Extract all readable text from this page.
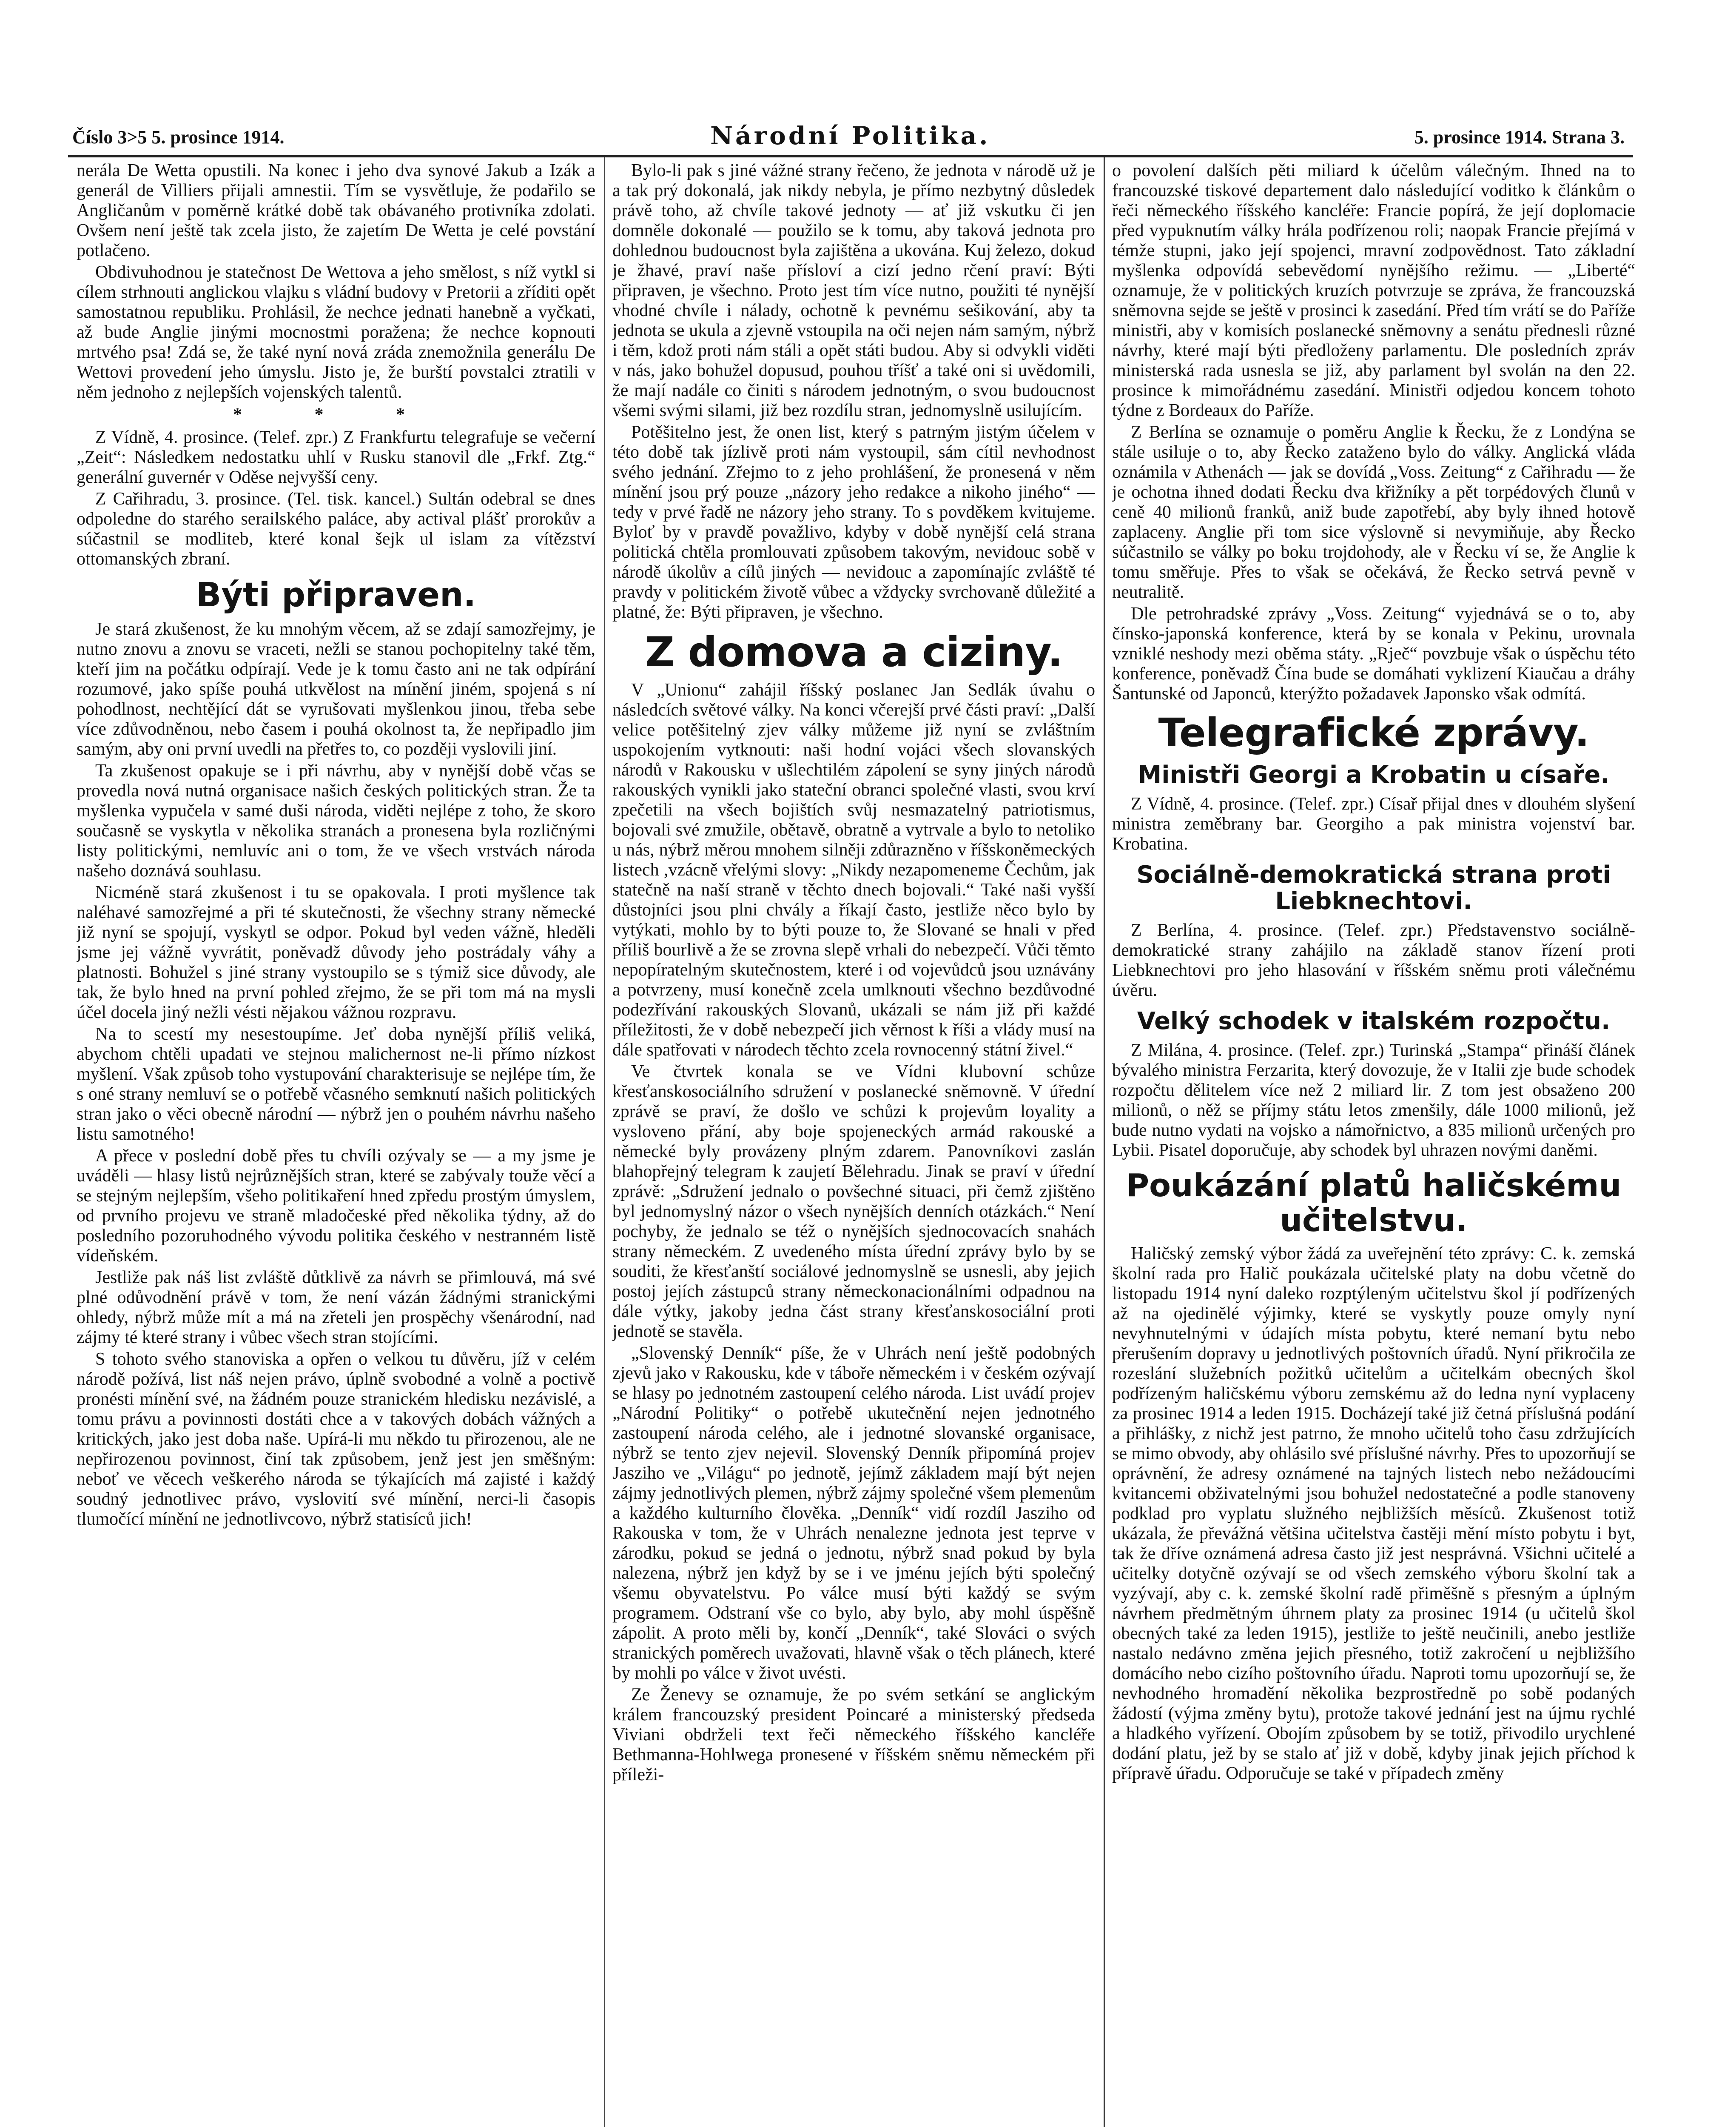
Číslo 3>5 5. prosince 1914.	Národní Politika.	5. prosince 1914. Strana 3.

nerála De Wetta opustili. Na konec i jeho dva synové Jakub a Izák a generál de Villiers přijali amnestii. Tím se vysvětluje, že podařilo se Angličanům v poměrně krátké době tak obávaného protivníka zdolati. Ovšem není ještě tak zcela jisto, že zajetím De Wetta je celé povstání potlačeno.

Obdivuhodnou je statečnost De Wettova a jeho smělost, s níž vytkl si cílem strhnouti anglickou vlajku s vládní budovy v Pretorii a zříditi opět samostatnou republiku. Prohlásil, že nechce jednati hanebně a vyčkati, až bude Anglie jinými mocnostmi poražena; že nechce kopnouti mrtvého psa! Zdá se, že také nyní nová zráda znemožnila generálu De Wettovi provedení jeho úmyslu. Jisto je, že burští povstalci ztratili v něm jednoho z nejlepších vojenských talentů.

* * *

Z Vídně, 4. prosince. (Telef. zpr.) Z Frankfurtu telegrafuje se večerní „Zeit“: Následkem nedostatku uhlí v Rusku stanovil dle „Frkf. Ztg.“ generální guvernér v Oděse nejvyšší ceny.

Z Cařihradu, 3. prosince. (Tel. tisk. kancel.) Sultán odebral se dnes odpoledne do starého serailského paláce, aby actival plášť prorokův a súčastnil se modliteb, které konal šejk ul islam za vítězství ottomanských zbraní.

Býti připraven.

Je stará zkušenost, že ku mnohým věcem, až se zdají samozřejmy, je nutno znovu a znovu se vraceti, nežli se stanou pochopitelny také těm, kteří jim na počátku odpírají. Vede je k tomu často ani ne tak odpírání rozumové, jako spíše pouhá utkvělost na mínění jiném, spojená s ní pohodlnost, nechtějící dát se vyrušovati myšlenkou jinou, třeba sebe více zdůvodněnou, nebo časem i pouhá okolnost ta, že nepřipadlo jim samým, aby oni první uvedli na přetřes to, co později vyslovili jiní.

Ta zkušenost opakuje se i při návrhu, aby v nynější době včas se provedla nová nutná organisace našich českých politických stran. Že ta myšlenka vypučela v samé duši národa, viděti nejlépe z toho, že skoro současně se vyskytla v několika stranách a pronesena byla rozličnými listy politickými, nemluvíc ani o tom, že ve všech vrstvách národa našeho doznává souhlasu.

Nicméně stará zkušenost i tu se opakovala. I proti myšlence tak naléhavé samozřejmé a při té skutečnosti, že všechny strany německé již nyní se spojují, vyskytl se odpor. Pokud byl veden vážně, hleděli jsme jej vážně vyvrátit, poněvadž důvody jeho postrádaly váhy a platnosti. Bohužel s jiné strany vystoupilo se s týmiž sice důvody, ale tak, že bylo hned na první pohled zřejmo, že se při tom má na mysli účel docela jiný nežli vésti nějakou vážnou rozpravu.

Na to scestí my nesestoupíme. Jeť doba nynější příliš veliká, abychom chtěli upadati ve stejnou malichernost ne-li přímo nízkost myšlení. Však způsob toho vystupování charakterisuje se nejlépe tím, že s oné strany nemluví se o potřebě včasného semknutí našich politických stran jako o věci obecně národní — nýbrž jen o pouhém návrhu našeho listu samotného!

A přece v poslední době přes tu chvíli ozývaly se — a my jsme je uváděli — hlasy listů nejrůznějších stran, které se zabývaly touže věcí a se stejným nejlepším, všeho politikaření hned zpředu prostým úmyslem, od prvního projevu ve straně mladočeské před několika týdny, až do posledního pozoruhodného vývodu politika českého v nestranném listě vídeňském.

Jestliže pak náš list zvláště důtklivě za návrh se přimlouvá, má své plné odůvodnění právě v tom, že není vázán žádnými stranickými ohledy, nýbrž může mít a má na zřeteli jen prospěchy všenárodní, nad zájmy té které strany i vůbec všech stran stojícími.

S tohoto svého stanoviska a opřen o velkou tu důvěru, jíž v celém národě požívá, list náš nejen právo, úplně svobodné a volně a poctivě pronésti mínění své, na žádném pouze stranickém hledisku nezávislé, a tomu právu a povinnosti dostáti chce a v takových dobách vážných a kritických, jako jest doba naše. Upírá-li mu někdo tu přirozenou, ale ne nepřirozenou povinnost, činí tak způsobem, jenž jest jen směšným: neboť ve věcech veškerého národa se týkajících má zajisté i každý soudný jednotlivec právo, vyslovití své mínění, nerci-li časopis tlumočící mínění ne jednotlivcovo, nýbrž statisíců jich!

Bylo-li pak s jiné vážné strany řečeno, že jednota v národě už je a tak prý dokonalá, jak nikdy nebyla, je přímo nezbytný důsledek právě toho, až chvíle takové jednoty — ať již vskutku či jen domněle dokonalé — použilo se k tomu, aby taková jednota pro dohlednou budoucnost byla zajištěna a ukována. Kuj železo, dokud je žhavé, praví naše přísloví a cizí jedno rčení praví: Býti připraven, je všechno. Proto jest tím více nutno, použiti té nynější vhodné chvíle i nálady, ochotně k pevnému sešikování, aby ta jednota se ukula a zjevně vstoupila na oči nejen nám samým, nýbrž i těm, kdož proti nám stáli a opět státi budou. Aby si odvykli viděti v nás, jako bohužel dopusud, pouhou tříšť a také oni si uvědomili, že mají nadále co činiti s národem jednotným, o svou budoucnost všemi svými silami, již bez rozdílu stran, jednomyslně usilujícím.

Potěšitelno jest, že onen list, který s patrným jistým účelem v této době tak jízlivě proti nám vystoupil, sám cítil nevhodnost svého jednání. Zřejmo to z jeho prohlášení, že pronesená v něm mínění jsou prý pouze „názory jeho redakce a nikoho jiného“ — tedy v prvé řadě ne názory jeho strany. To s povděkem kvitujeme. Byloť by v pravdě považlivo, kdyby v době nynější celá strana politická chtěla promlouvati způsobem takovým, nevidouc sobě v národě úkolův a cílů jiných — nevidouc a zapomínajíc zvláště té pravdy v politickém životě vůbec a vždycky svrchovaně důležité a platné, že: Býti připraven, je všechno.

Z domova a ciziny.

V „Unionu“ zahájil říšský poslanec Jan Sedlák úvahu o následcích světové války. Na konci včerejší prvé části praví: „Další velice potěšitelný zjev války můžeme již nyní se zvláštním uspokojením vytknouti: naši hodní vojáci všech slovanských národů v Rakousku v ušlechtilém zápolení se syny jiných národů rakouských vynikli jako stateční obranci společné vlasti, svou krví zpečetili na všech bojištích svůj nesmazatelný patriotismus, bojovali své zmužile, obětavě, obratně a vytrvale a bylo to netoliko u nás, nýbrž měrou mnohem silněji zdůrazněno v říšskoněmeckých listech ,vzácně vřelými slovy: „Nikdy nezapomeneme Čechům, jak statečně na naší straně v těchto dnech bojovali.“ Také naši vyšší důstojníci jsou plni chvály a říkají často, jestliže něco bylo by vytýkati, mohlo by to býti pouze to, že Slované se hnali v před příliš bourlivě a že se zrovna slepě vrhali do nebezpečí. Vůči těmto nepopíratelným skutečnostem, které i od vojevůdců jsou uznávány a potvrzeny, musí konečně zcela umlknouti všechno bezdůvodné podezřívání rakouských Slovanů, ukázali se nám již při každé příležitosti, že v době nebezpečí jich věrnost k říši a vlády musí na dále spatřovati v národech těchto zcela rovnocenný státní živel.“

Ve čtvrtek konala se ve Vídni klubovní schůze křesťanskosociálního sdružení v poslanecké sněmovně. V úřední zprávě se praví, že došlo ve schůzi k projevům loyality a vysloveno přání, aby boje spojeneckých armád rakouské a německé byly provázeny plným zdarem. Panovníkovi zaslán blahopřejný telegram k zaujetí Bělehradu. Jinak se praví v úřední zprávě: „Sdružení jednalo o povšechné situaci, při čemž zjištěno byl jednomyslný názor o všech nynějších denních otázkách.“ Není pochyby, že jednalo se též o nynějších sjednocovacích snahách strany německém. Z uvedeného místa úřední zprávy bylo by se souditi, že křesťanští sociálové jednomyslně se usnesli, aby jejich postoj jejích zástupců strany německonacionálními odpadnou na dále výtky, jakoby jedna část strany křesťanskosociální proti jednotě se stavěla.

„Slovenský Denník“ píše, že v Uhrách není ještě podobných zjevů jako v Rakousku, kde v táboře německém i v českém ozývají se hlasy po jednotném zastoupení celého národa. List uvádí projev „Národní Politiky“ o potřebě ukutečnění nejen jednotného zastoupení národa celého, ale i jednotné slovanské organisace, nýbrž se tento zjev nejevil. Slovenský Denník připomíná projev Jasziho ve „Világu“ po jednotě, jejímž základem mají být nejen zájmy jednotlivých plemen, nýbrž zájmy společné všem plemenům a každého kulturního člověka. „Denník“ vidí rozdíl Jasziho od Rakouska v tom, že v Uhrách nenalezne jednota jest teprve v zárodku, pokud se jedná o jednotu, nýbrž snad pokud by byla nalezena, nýbrž jen když by se i ve jménu jejích býti společný všemu obyvatelstvu. Po válce musí býti každý se svým programem. Odstraní vše co bylo, aby bylo, aby mohl úspěšně zápolit. A proto měli by, končí „Denník“, také Slováci o svých stranických poměrech uvažovati, hlavně však o těch plánech, které by mohli po válce v život uvésti.

Ze Ženevy se oznamuje, že po svém setkání se anglickým králem francouzský president Poincaré a ministerský předseda Viviani obdrželi text řeči německého říšského kancléře Bethmanna-Hohlwega pronesené v říšském sněmu německém při příleži-

o povolení dalších pěti miliard k účelům válečným. Ihned na to francouzské tiskové departement dalo následující voditko k článkům o řeči německého říšského kancléře: Francie popírá, že její doplomacie před vypuknutím války hrála podřízenou roli; naopak Francie přejímá v témže stupni, jako její spojenci, mravní zodpovědnost. Tato základní myšlenka odpovídá sebevědomí nynějšího režimu. — „Liberté“ oznamuje, že v politických kruzích potvrzuje se zpráva, že francouzská sněmovna sejde se ještě v prosinci k zasedání. Před tím vrátí se do Paříže ministři, aby v komisích poslanecké sněmovny a senátu přednesli různé návrhy, které mají býti předloženy parlamentu. Dle posledních zpráv ministerská rada usnesla se již, aby parlament byl svolán na den 22. prosince k mimořádnému zasedání. Ministři odjedou koncem tohoto týdne z Bordeaux do Paříže.

Z Berlína se oznamuje o poměru Anglie k Řecku, že z Londýna se stále usiluje o to, aby Řecko zataženo bylo do války. Anglická vláda oznámila v Athenách — jak se dovídá „Voss. Zeitung“ z Cařihradu — že je ochotna ihned dodati Řecku dva křižníky a pět torpédových člunů v ceně 40 milionů franků, aniž bude zapotřebí, aby byly ihned hotově zaplaceny. Anglie při tom sice výslovně si nevymiňuje, aby Řecko súčastnilo se války po boku trojdohody, ale v Řecku ví se, že Anglie k tomu směřuje. Přes to však se očekává, že Řecko setrvá pevně v neutralitě.

Dle petrohradské zprávy „Voss. Zeitung“ vyjednává se o to, aby čínsko-japonská konference, která by se konala v Pekinu, urovnala vzniklé neshody mezi oběma státy. „Rječ“ povzbuje však o úspěchu této konference, poněvadž Čína bude se domáhati vyklizení Kiaučau a dráhy Šantunské od Japonců, kterýžto požadavek Japonsko však odmítá.

Telegrafické zprávy.
Ministři Georgi a Krobatin u císaře.

Z Vídně, 4. prosince. (Telef. zpr.) Císař přijal dnes v dlouhém slyšení ministra zeměbrany bar. Georgiho a pak ministra vojenství bar. Krobatina.

Sociálně-demokratická strana proti Liebknechtovi.

Z Berlína, 4. prosince. (Telef. zpr.) Představenstvo sociálně-demokratické strany zahájilo na základě stanov řízení proti Liebknechtovi pro jeho hlasování v říšském sněmu proti válečnému úvěru.

Velký schodek v italském rozpočtu.

Z Milána, 4. prosince. (Telef. zpr.) Turinská „Stampa“ přináší článek bývalého ministra Ferzarita, který dovozuje, že v Italii zje bude schodek rozpočtu dělitelem více než 2 miliard lir. Z tom jest obsaženo 200 milionů, o něž se příjmy státu letos zmenšily, dále 1000 milionů, jež bude nutno vydati na vojsko a námořnictvo, a 835 milionů určených pro Lybii. Pisatel doporučuje, aby schodek byl uhrazen novými daněmi.

Poukázání platů haličskému učitelstvu.

Haličský zemský výbor žádá za uveřejnění této zprávy: C. k. zemská školní rada pro Halič poukázala učitelské platy na dobu včetně do listopadu 1914 nyní daleko rozptýleným učitelstvu škol jí podřízených až na ojedinělé výjimky, které se vyskytly pouze omyly nyní nevyhnutelnými v údajích místa pobytu, které nemaní bytu nebo přerušením dopravy u jednotlivých poštovních úřadů. Nyní přikročila ze rozeslání služebních požitků učitelům a učitelkám obecných škol podřízeným haličskému výboru zemskému až do ledna nyní vyplaceny za prosinec 1914 a leden 1915. Docházejí také již četná příslušná podání a přihlášky, z nichž jest patrno, že mnoho učitelů toho času zdržujících se mimo obvody, aby ohlásilo své příslušné návrhy. Přes to upozorňují se oprávnění, že adresy oznámené na tajných listech nebo nežádoucími kvitancemi obživatelnými jsou bohužel nedostatečné a podle stanoveny podklad pro vyplatu služného nejbližších měsíců. Zkušenost totiž ukázala, že převážná většina učitelstva častěji mění místo pobytu i byt, tak že dříve oznámená adresa často již jest nesprávná. Všichni učitelé a učitelky dotyčně ozývají se od všech zemského výboru školní tak a vyzývají, aby c. k. zemské školní radě přiměšně s přesným a úplným návrhem předmětným úhrnem platy za prosinec 1914 (u učitelů škol obecných také za leden 1915), jestliže to ještě neučinili, anebo jestliže nastalo nedávno změna jejich přesného, totiž zakročení u nejbližšího domácího nebo cizího poštovního úřadu. Naproti tomu upozorňují se, že nevhodného hromadění několika bezprostředně po sobě podaných žádostí (výjma změny bytu), protože takové jednání jest na újmu rychlé a hladkého vyřízení. Obojím způsobem by se totiž, přivodilo urychlené dodání platu, jež by se stalo ať již v době, kdyby jinak jejich příchod k přípravě úřadu. Odporučuje se také v případech změny
